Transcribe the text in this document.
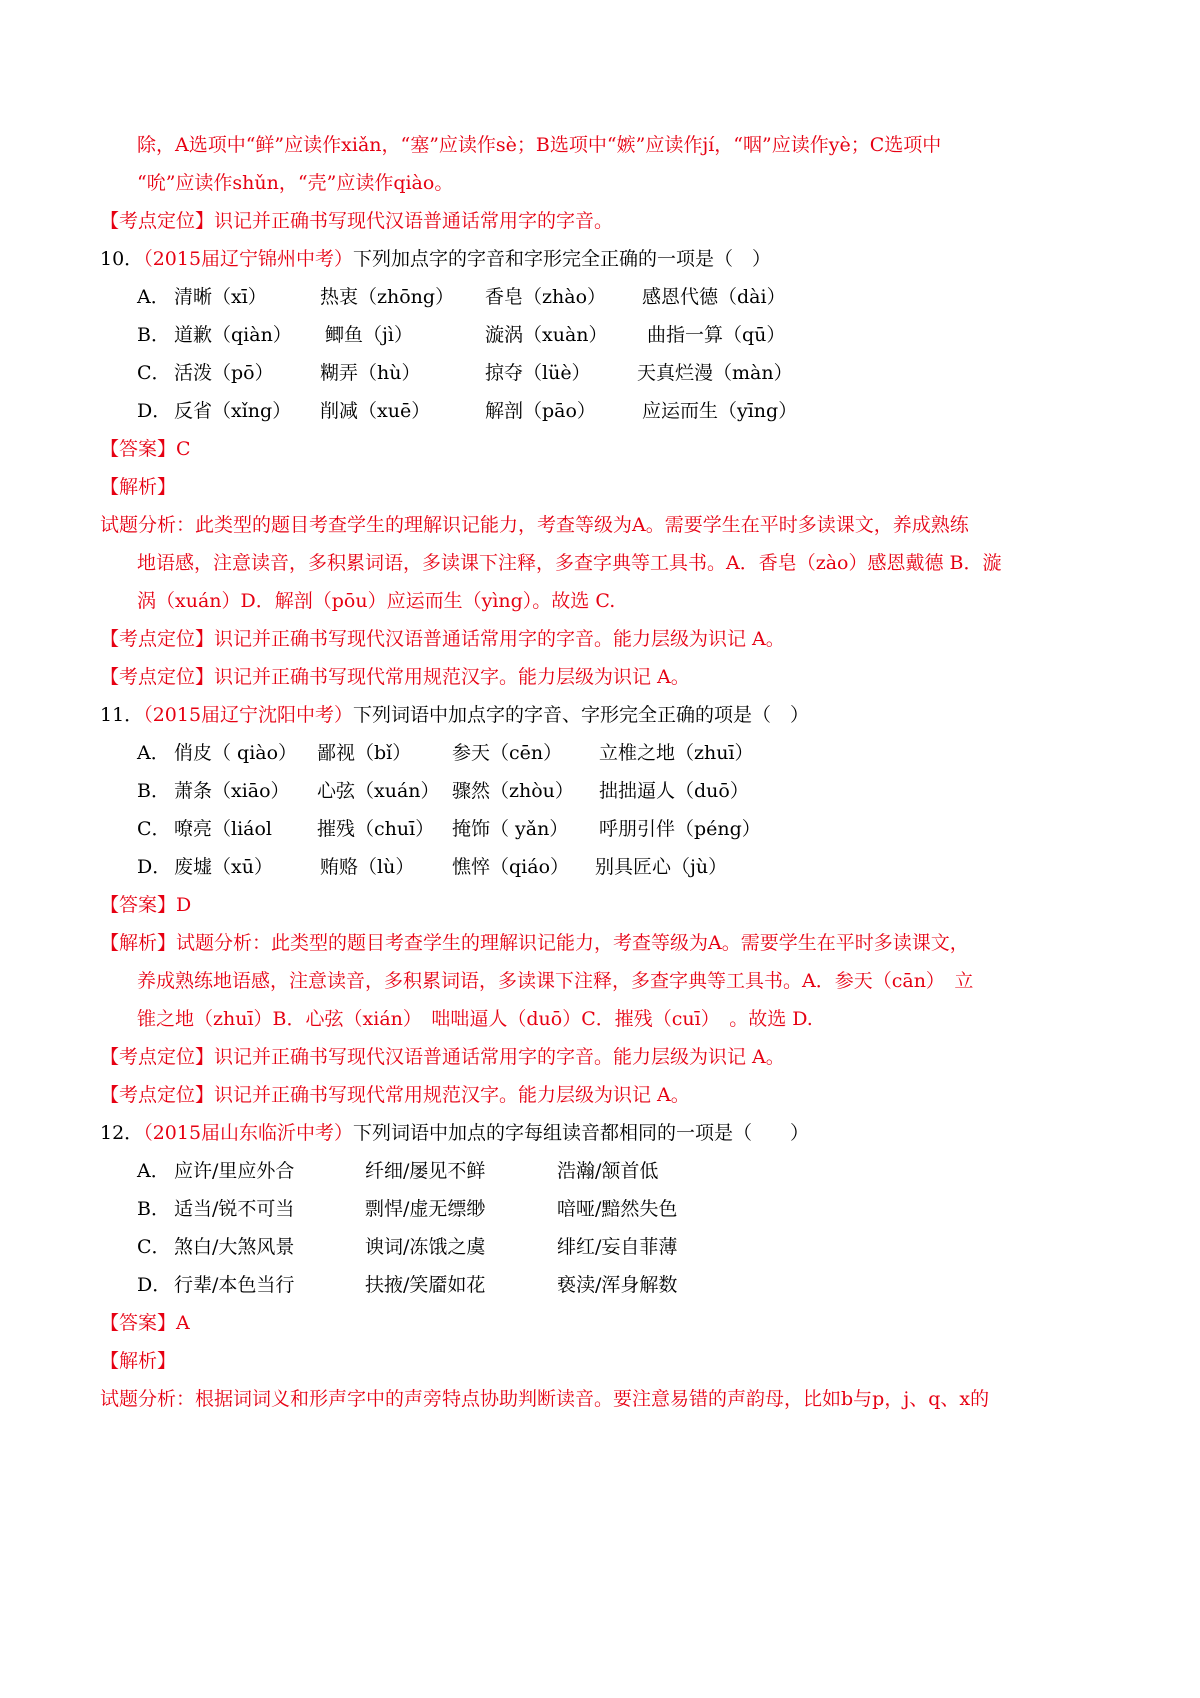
除，A选项中“鲜”应读作xiǎn，“塞”应读作sè；B选项中“嫉”应读作jí，“咽”应读作yè；C选项中
“吮”应读作shǔn，“壳”应读作qiào。
【考点定位】识记并正确书写现代汉语普通话常用字的字音。
10．（2015届辽宁锦州中考）下列加点字的字音和字形完全正确的一项是（　）
A． 清晰（xī）	热衷（zhōng） 香皂（zhào） 感恩代德（dài）
B． 道歉（qiàn） 鲫鱼（jì）	漩涡（xuàn） 曲指一算（qū）
C． 活泼（pō） 糊弄（hù）	掠夺（lüè） 天真烂漫（màn）
D． 反省（xǐng） 削减（xuē）	解剖（pāo） 应运而生（yīng）
【答案】C
【解析】
试题分析：此类型的题目考查学生的理解识记能力，考查等级为A。需要学生在平时多读课文，养成熟练
地语感，注意读音，多积累词语，多读课下注释，多查字典等工具书。A．香皂（zào）感恩戴德 B．漩
涡（xuán）D．解剖（pōu）应运而生（yìng）。故选 C.
【考点定位】识记并正确书写现代汉语普通话常用字的字音。能力层级为识记 A。
【考点定位】识记并正确书写现代常用规范汉字。能力层级为识记 A。
11．（2015届辽宁沈阳中考）下列词语中加点字的字音、字形完全正确的项是（　）
A． 俏皮（ qiào） 鄙视（bǐ） 参天（cēn） 立椎之地（zhuī）
B． 萧条（xiāo） 心弦（xuán） 骤然（zhòu） 拙拙逼人（duō）
C． 嘹亮（liáol 摧残（chuī） 掩饰（ yǎn） 呼朋引伴（péng）
D． 废墟（xū） 贿赂（lù） 憔悴（qiáo） 别具匠心（jù）
【答案】D
【解析】试题分析：此类型的题目考查学生的理解识记能力，考查等级为A。需要学生在平时多读课文，
养成熟练地语感，注意读音，多积累词语，多读课下注释，多查字典等工具书。A．参天（cān）　立
锥之地（zhuī）B．心弦（xián）　咄咄逼人（duō）C．摧残（cuī）　。故选 D.
【考点定位】识记并正确书写现代汉语普通话常用字的字音。能力层级为识记 A。
【考点定位】识记并正确书写现代常用规范汉字。能力层级为识记 A。
12．（2015届山东临沂中考）下列词语中加点的字每组读音都相同的一项是（　　）
A． 应许/里应外合	纤细/屡见不鲜	浩瀚/颔首低
B． 适当/锐不可当	剽悍/虚无缥缈	喑哑/黯然失色
C． 煞白/大煞风景	谀词/冻饿之虞	绯红/妄自菲薄
D． 行辈/本色当行	扶掖/笑靥如花	亵渎/浑身解数
【答案】A
【解析】
试题分析：根据词词义和形声字中的声旁特点协助判断读音。要注意易错的声韵母，比如b与p，j、q、x的
